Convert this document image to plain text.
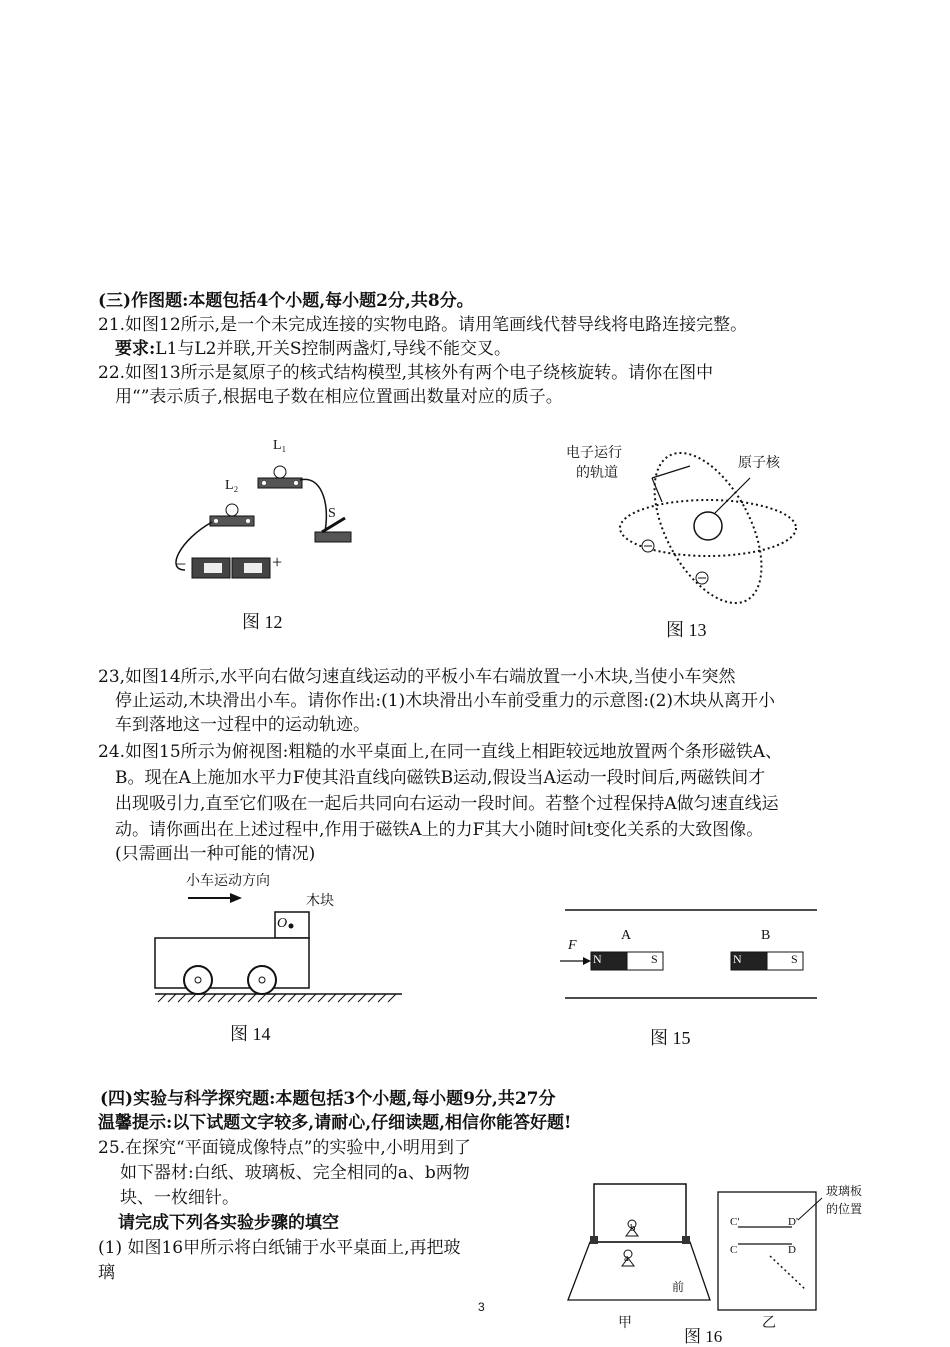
(三)作图题:本题包括4个小题,每小题2分,共8分。
21.如图12所示,是一个未完成连接的实物电路。请用笔画线代替导线将电路连接完整。
要求:L1与L2并联,开关S控制两盏灯,导线不能交叉。
22.如图13所示是氦原子的核式结构模型,其核外有两个电子绕核旋转。请你在图中
用“”表示质子,根据电子数在相应位置画出数量对应的质子。
L₁
L₂
S
−	+
图 12
电子运行
的轨道
原子核
图 13
23,如图14所示,水平向右做匀速直线运动的平板小车右端放置一小木块,当使小车突然
停止运动,木块滑出小车。请你作出:(1)木块滑出小车前受重力的示意图:(2)木块从离开小
车到落地这一过程中的运动轨迹。
24.如图15所示为俯视图:粗糙的水平桌面上,在同一直线上相距较远地放置两个条形磁铁A、
B。现在A上施加水平力F使其沿直线向磁铁B运动,假设当A运动一段时间后,两磁铁间才
出现吸引力,直至它们吸在一起后共同向右运动一段时间。若整个过程保持A做匀速直线运
动。请你画出在上述过程中,作用于磁铁A上的力F其大小随时间t变化关系的大致图像。
(只需画出一种可能的情况)
小车运动方向
木块
O
图 14
F
A	B
N	S	N	S
图 15
(四)实验与科学探究题:本题包括3个小题,每小题9分,共27分
温馨提示:以下试题文字较多,请耐心,仔细读题,相信你能答好题!
25.在探究“平面镜成像特点”的实验中,小明用到了
如下器材:白纸、玻璃板、完全相同的a、b两物
块、一枚细针。
请完成下列各实验步骤的填空
(1) 如图16甲所示将白纸铺于水平桌面上,再把玻
璃
b
a
前
C'	D'
C	D
玻璃板
的位置
甲	乙
图 16
3
